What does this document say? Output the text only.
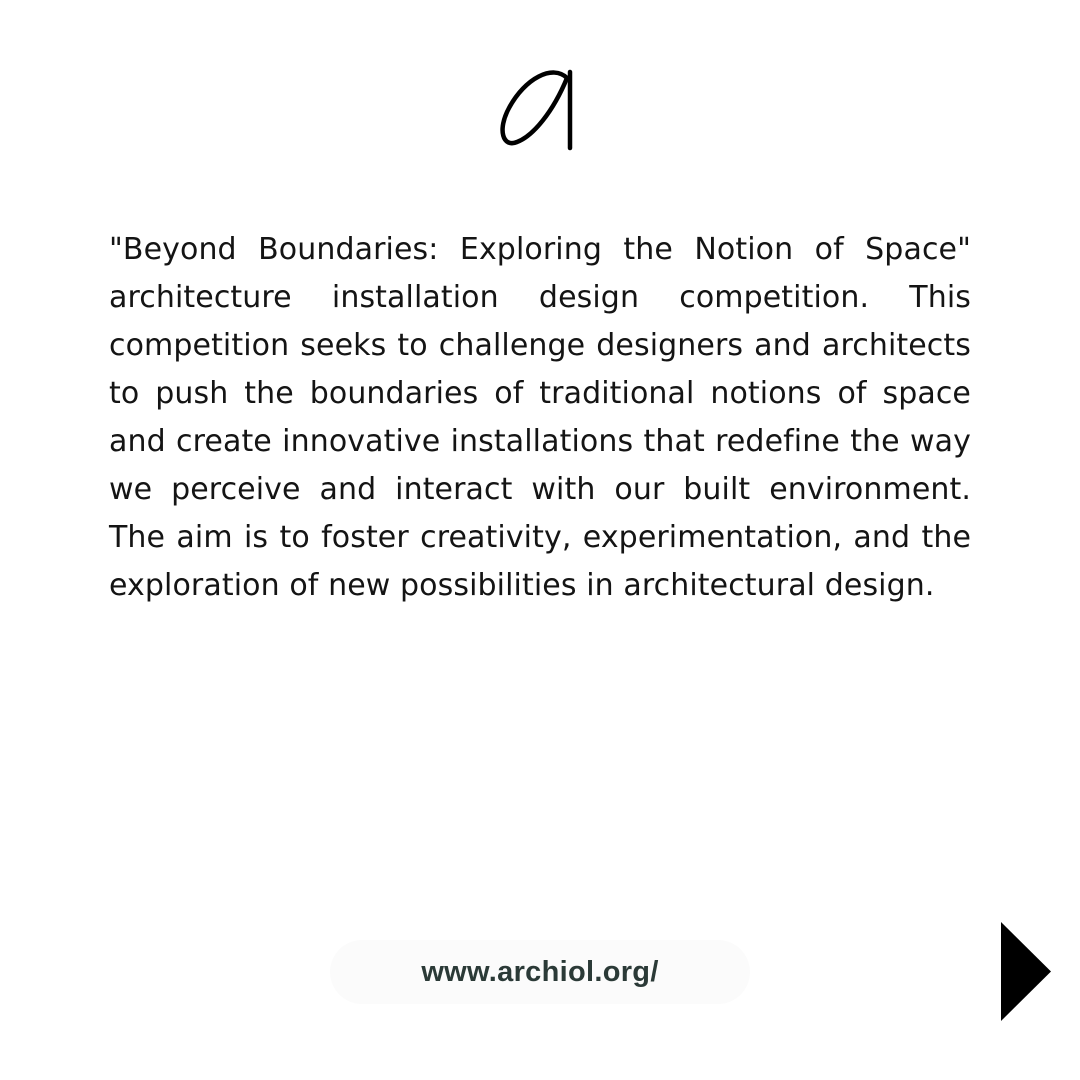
"Beyond Boundaries: Exploring the Notion of Space" architecture installation design competition. This competition seeks to challenge designers and architects to push the boundaries of traditional notions of space and create innovative installations that redefine the way we perceive and interact with our built environment. The aim is to foster creativity, experimentation, and the exploration of new possibilities in architectural design.

www.archiol.org/
